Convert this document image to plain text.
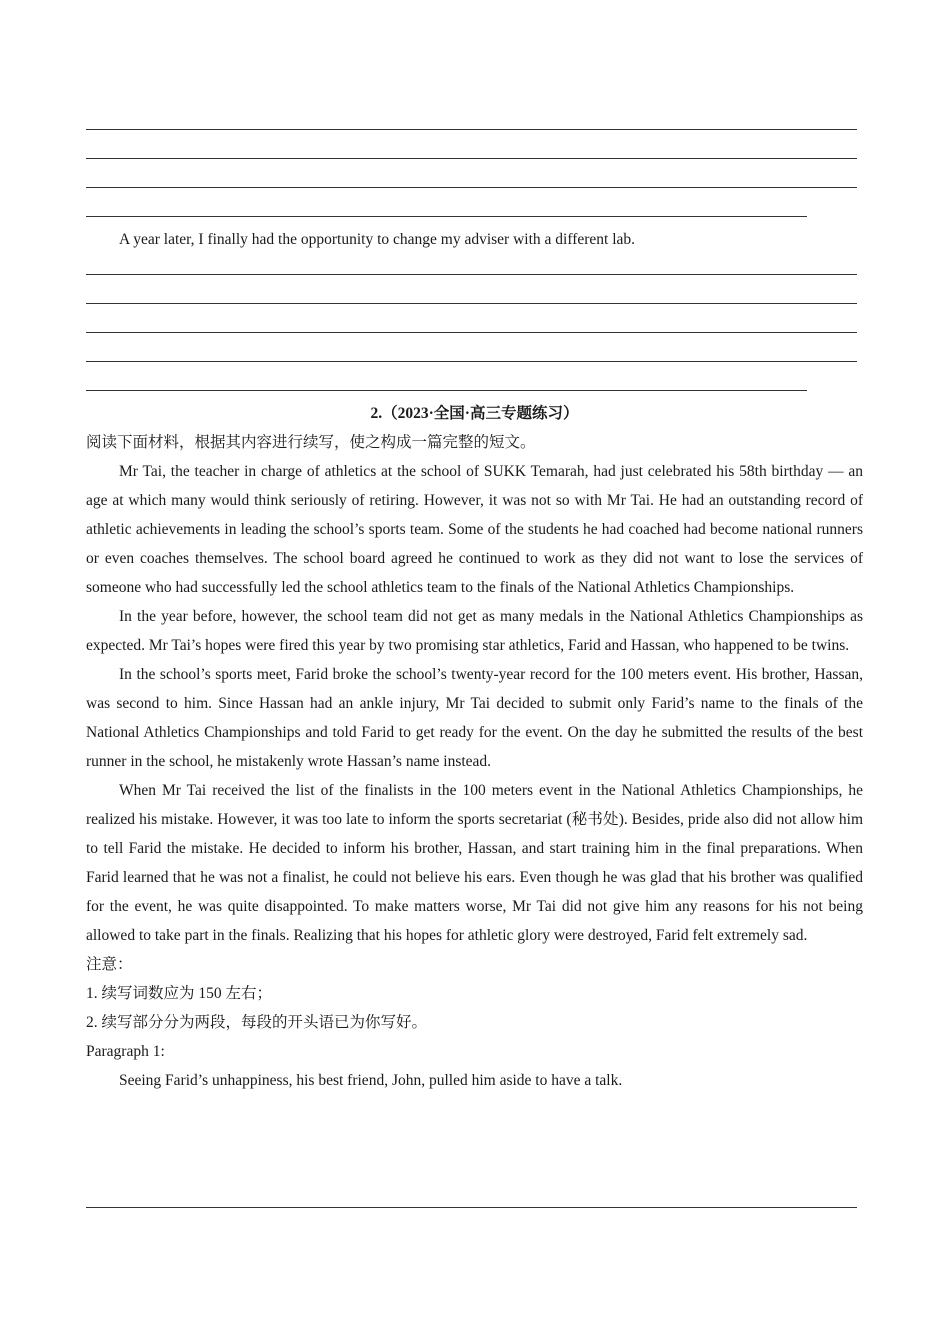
A year later, I finally had the opportunity to change my adviser with a different lab.

2.（2023·全国·高三专题练习）

阅读下面材料，根据其内容进行续写，使之构成一篇完整的短文。

Mr Tai, the teacher in charge of athletics at the school of SUKK Temarah, had just celebrated his 58th birthday — an age at which many would think seriously of retiring. However, it was not so with Mr Tai. He had an outstanding record of athletic achievements in leading the school’s sports team. Some of the students he had coached had become national runners or even coaches themselves. The school board agreed he continued to work as they did not want to lose the services of someone who had successfully led the school athletics team to the finals of the National Athletics Championships.

In the year before, however, the school team did not get as many medals in the National Athletics Championships as expected. Mr Tai’s hopes were fired this year by two promising star athletics, Farid and Hassan, who happened to be twins.

In the school’s sports meet, Farid broke the school’s twenty-year record for the 100 meters event. His brother, Hassan, was second to him. Since Hassan had an ankle injury, Mr Tai decided to submit only Farid’s name to the finals of the National Athletics Championships and told Farid to get ready for the event. On the day he submitted the results of the best runner in the school, he mistakenly wrote Hassan’s name instead.

When Mr Tai received the list of the finalists in the 100 meters event in the National Athletics Championships, he realized his mistake. However, it was too late to inform the sports secretariat (秘书处). Besides, pride also did not allow him to tell Farid the mistake. He decided to inform his brother, Hassan, and start training him in the final preparations. When Farid learned that he was not a finalist, he could not believe his ears. Even though he was glad that his brother was qualified for the event, he was quite disappointed. To make matters worse, Mr Tai did not give him any reasons for his not being allowed to take part in the finals. Realizing that his hopes for athletic glory were destroyed, Farid felt extremely sad.

注意：

1. 续写词数应为 150 左右；

2. 续写部分分为两段，每段的开头语已为你写好。

Paragraph 1:

Seeing Farid’s unhappiness, his best friend, John, pulled him aside to have a talk.
